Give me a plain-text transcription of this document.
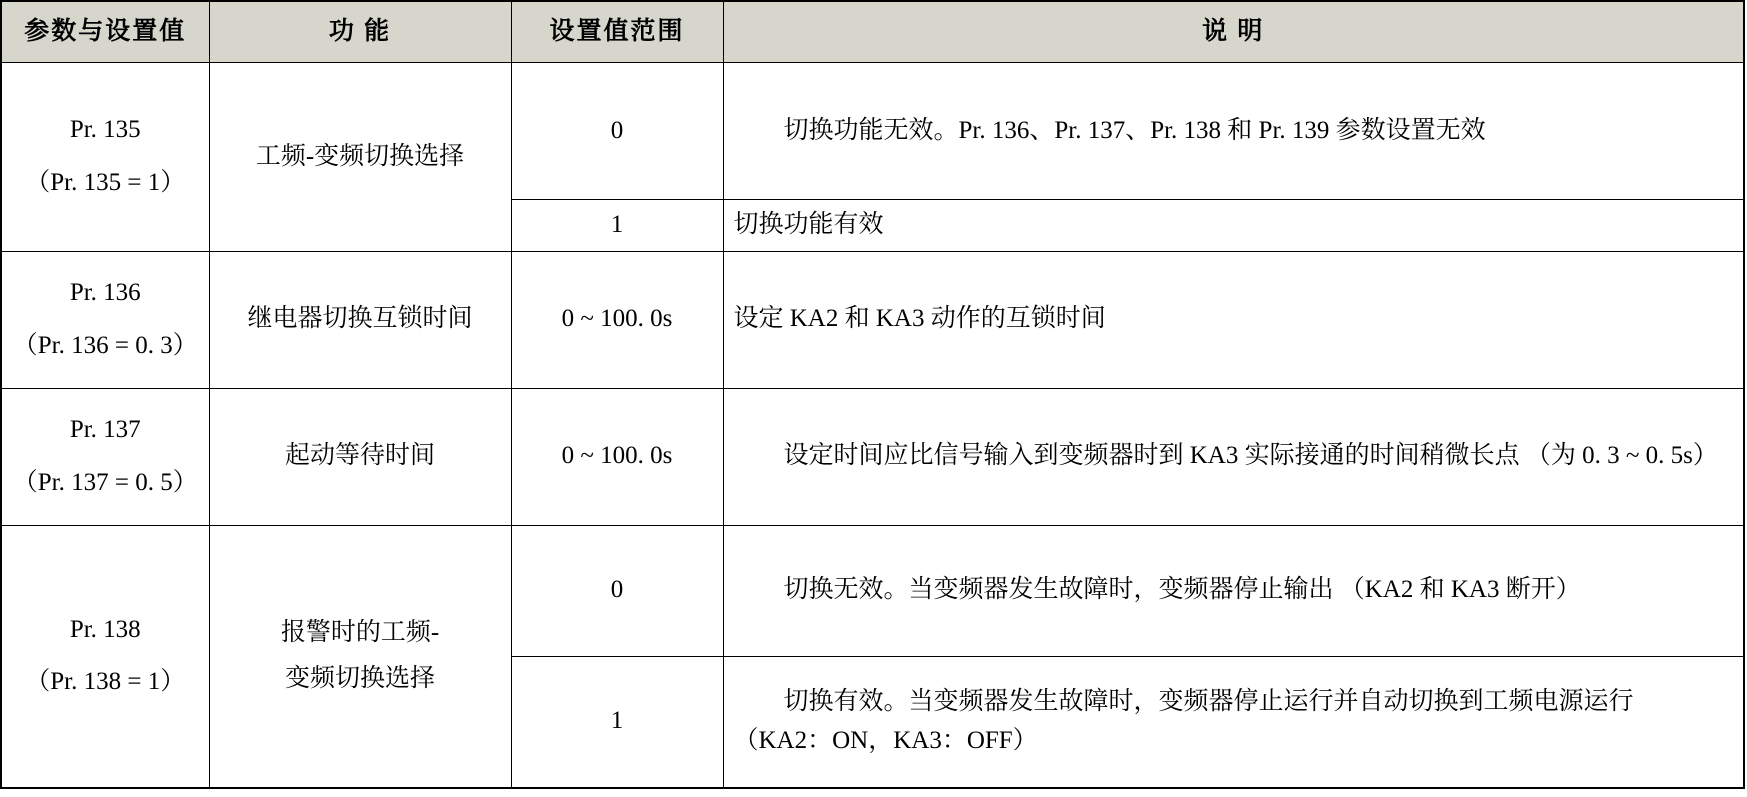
参数与设置值	功 能	设置值范围	说 明

Pr. 135
（Pr. 135 = 1）	工频-变频切换选择	0	切换功能无效。Pr. 136、Pr. 137、Pr. 138 和 Pr. 139 参数设置无效
		1	切换功能有效

Pr. 136
（Pr. 136 = 0. 3）	继电器切换互锁时间	0 ~ 100. 0s	设定 KA2 和 KA3 动作的互锁时间

Pr. 137
（Pr. 137 = 0. 5）	起动等待时间	0 ~ 100. 0s	设定时间应比信号输入到变频器时到 KA3 实际接通的时间稍微长点 （为 0. 3 ~ 0. 5s）

Pr. 138
（Pr. 138 = 1）	报警时的工频-
变频切换选择	0	切换无效。当变频器发生故障时，变频器停止输出 （KA2 和 KA3 断开）
		1	切换有效。当变频器发生故障时，变频器停止运行并自动切换到工频电源运行 （KA2：ON，KA3：OFF）
